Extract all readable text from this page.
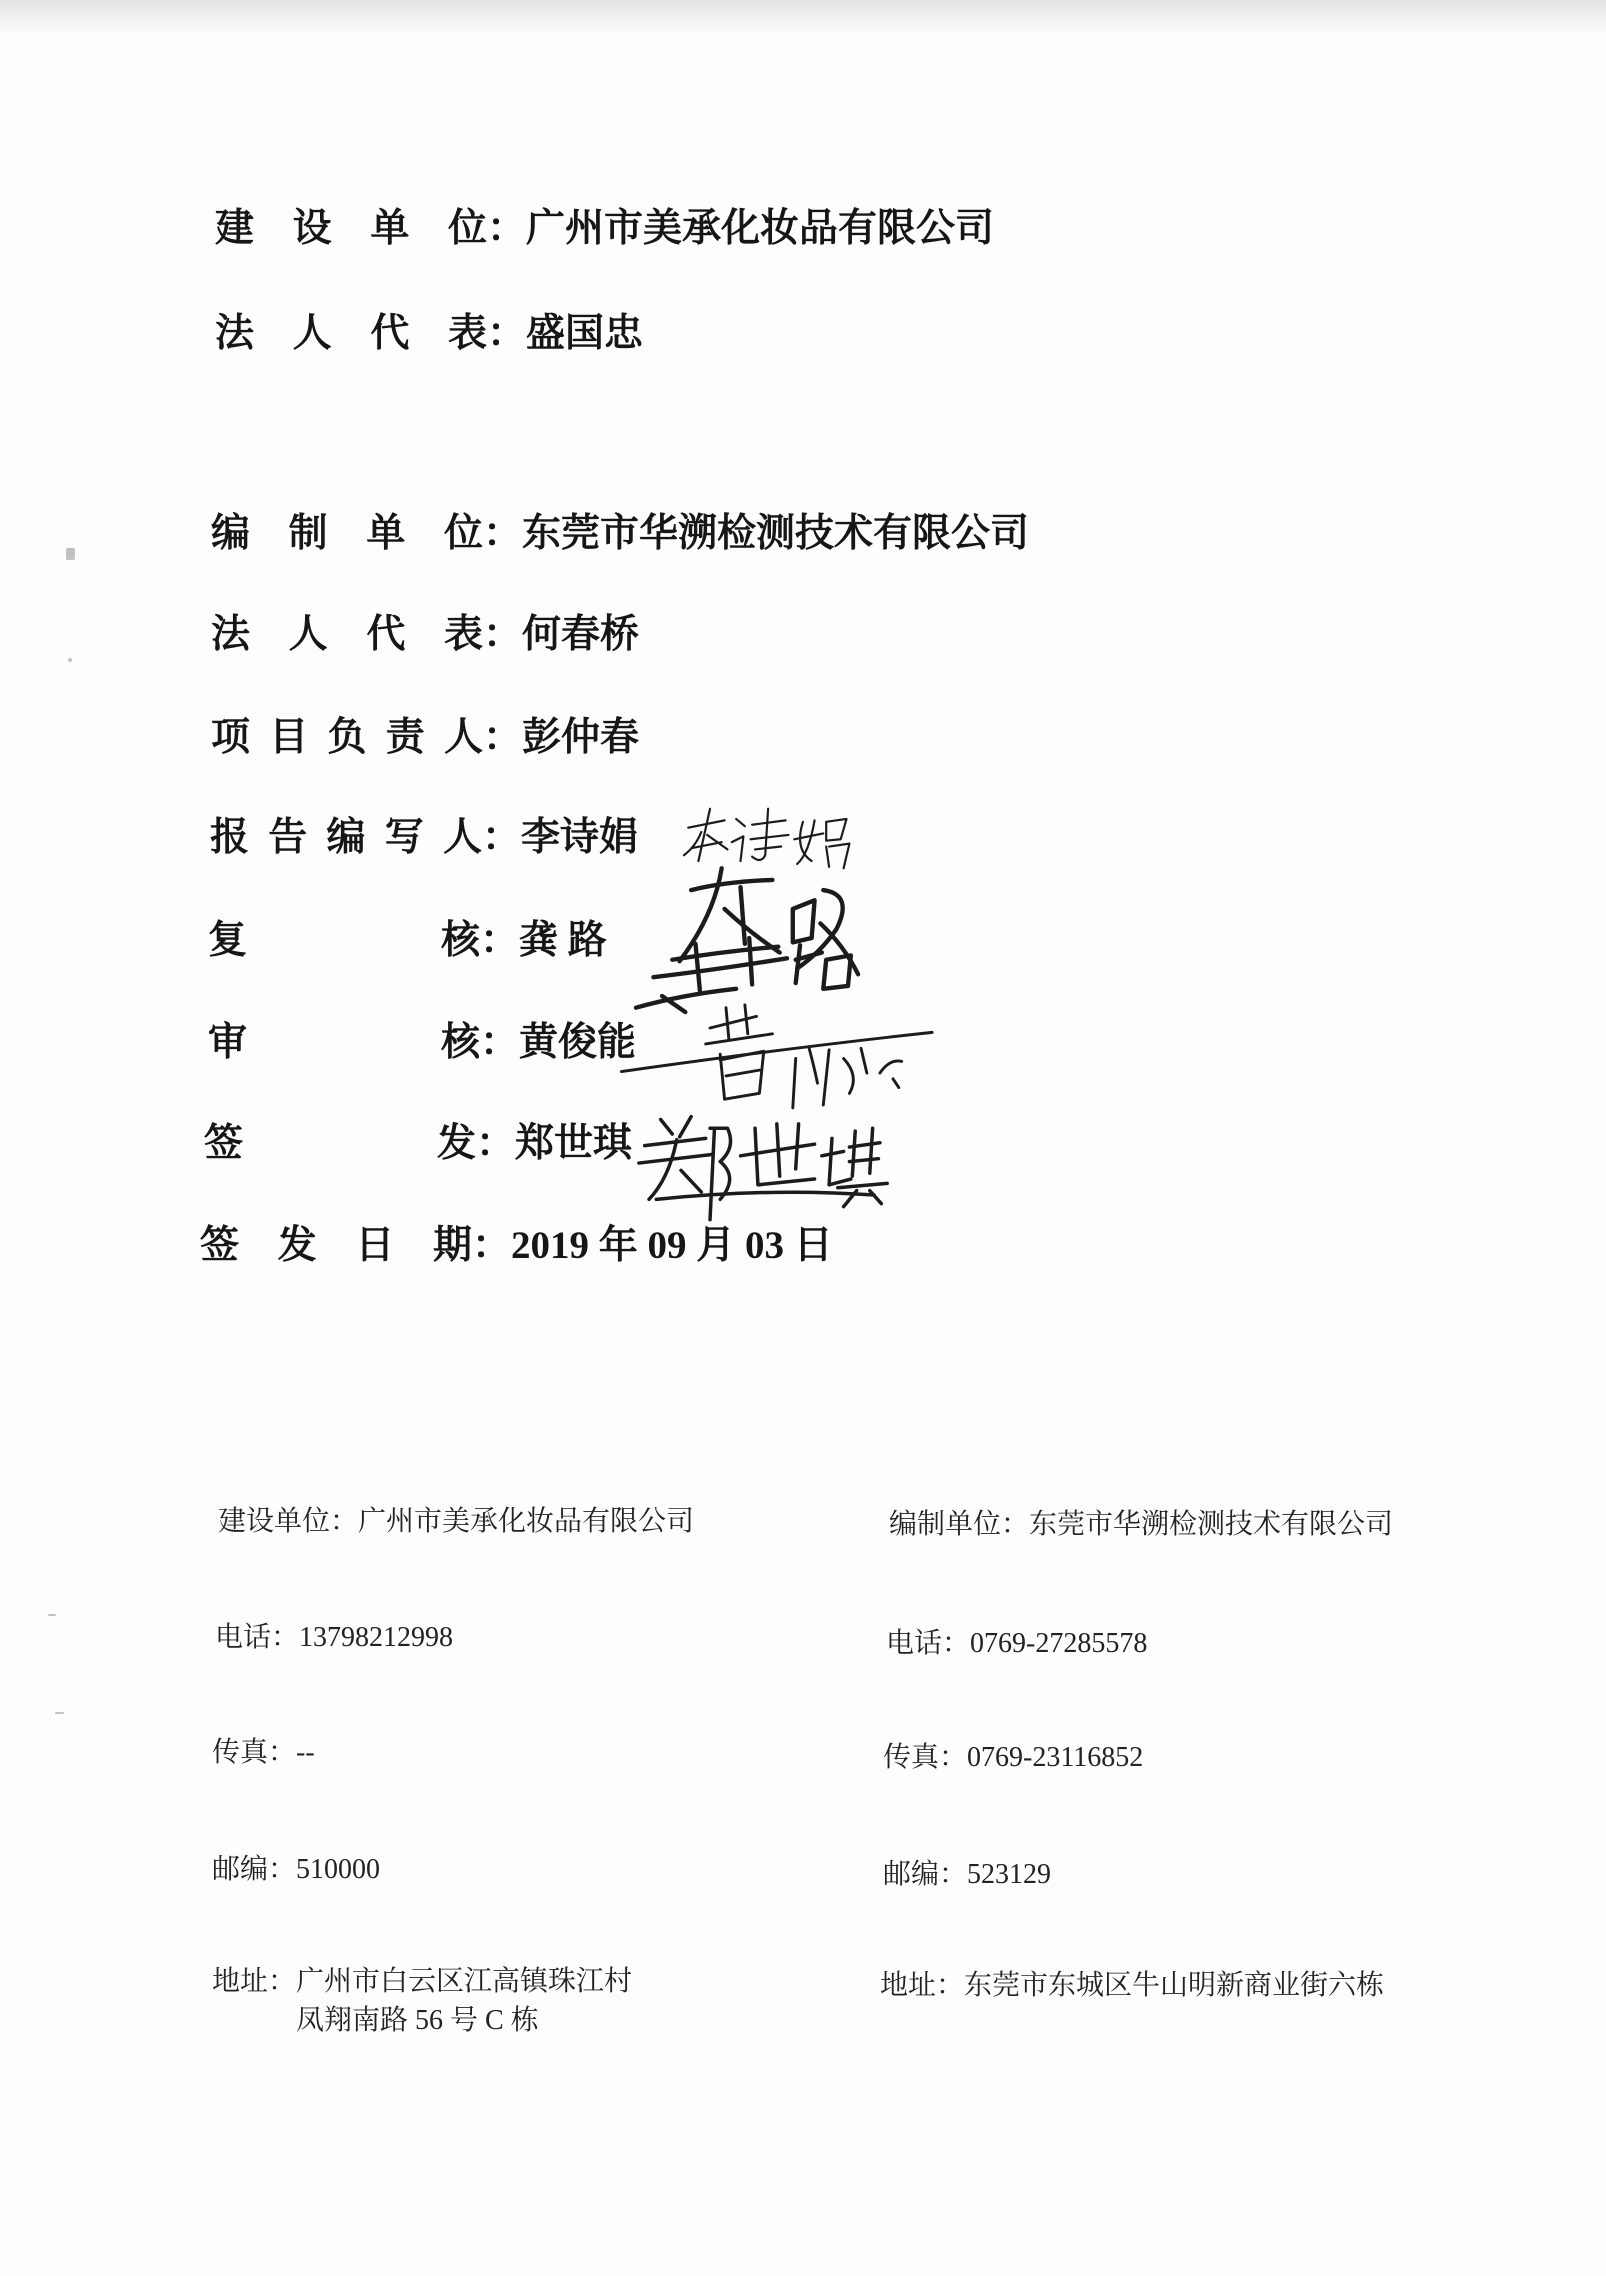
建 设 单 位：广州市美承化妆品有限公司
法 人 代 表：盛国忠
编 制 单 位：东莞市华溯检测技术有限公司
法 人 代 表：何春桥
项 目 负 责 人：彭仲春
报 告 编 写 人：李诗娟
复 核：龚 路
审 核：黄俊能
签 发：郑世琪
签 发 日 期：2019 年 09 月 03 日
建设单位：广州市美承化妆品有限公司
电话：13798212998
传真：--
邮编：510000
地址： 广州市白云区江高镇珠江村
凤翔南路 56 号 C 栋
编制单位：东莞市华溯检测技术有限公司
电话：0769-27285578
传真：0769-23116852
邮编：523129
地址： 东莞市东城区牛山明新商业街六栋
